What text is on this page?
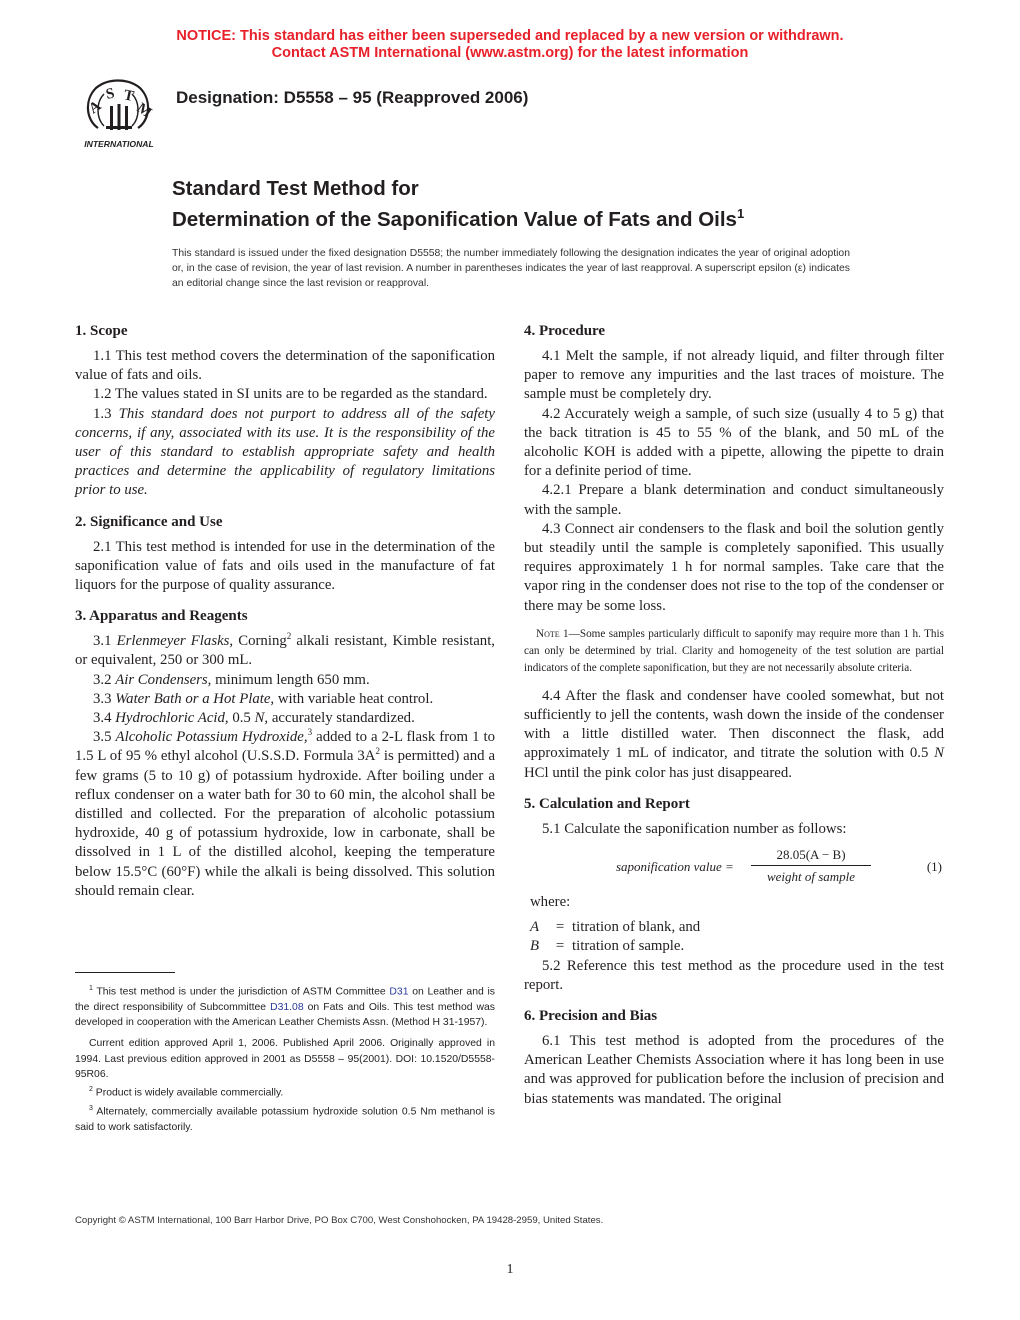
NOTICE: This standard has either been superseded and replaced by a new version or withdrawn.
Contact ASTM International (www.astm.org) for the latest information
A
S T
M
INTERNATIONAL
Designation: D5558 – 95 (Reapproved 2006)
Standard Test Method for
Determination of the Saponification Value of Fats and Oils$^1$
This standard is issued under the fixed designation D5558; the number immediately following the designation indicates the year of original adoption or, in the case of revision, the year of last revision. A number in parentheses indicates the year of last reapproval. A superscript epsilon (ε) indicates an editorial change since the last revision or reapproval.
1. Scope

1.1 This test method covers the determination of the saponification value of fats and oils.

1.2 The values stated in SI units are to be regarded as the standard.

1.3 This standard does not purport to address all of the safety concerns, if any, associated with its use. It is the responsibility of the user of this standard to establish appropriate safety and health practices and determine the applicability of regulatory limitations prior to use.

2. Significance and Use

2.1 This test method is intended for use in the determination of the saponification value of fats and oils used in the manufacture of fat liquors for the purpose of quality assurance.

3. Apparatus and Reagents

3.1 Erlenmeyer Flasks, Corning$^2$ alkali resistant, Kimble resistant, or equivalent, 250 or 300 mL.

3.2 Air Condensers, minimum length 650 mm.

3.3 Water Bath or a Hot Plate, with variable heat control.

3.4 Hydrochloric Acid, 0.5 N, accurately standardized.

3.5 Alcoholic Potassium Hydroxide,$^3$ added to a 2-L flask from 1 to 1.5 L of 95 % ethyl alcohol (U.S.S.D. Formula $3A^2$ is permitted) and a few grams (5 to 10 g) of potassium hydroxide. After boiling under a reflux condenser on a water bath for 30 to 60 min, the alcohol shall be distilled and collected. For the preparation of alcoholic potassium hydroxide, 40 g of potassium hydroxide, low in carbonate, shall be dissolved in 1 L of the distilled alcohol, keeping the temperature below 15.5°C (60°F) while the alkali is being dissolved. This solution should remain clear.

$^1$ This test method is under the jurisdiction of ASTM Committee D31 on Leather and is the direct responsibility of Subcommittee D31.08 on Fats and Oils. This test method was developed in cooperation with the American Leather Chemists Assn. (Method H 31-1957).

Current edition approved April 1, 2006. Published April 2006. Originally approved in 1994. Last previous edition approved in 2001 as D5558 – 95(2001). DOI: 10.1520/D5558-95R06.

$^2$ Product is widely available commercially.

$^3$ Alternately, commercially available potassium hydroxide solution 0.5 Nm methanol is said to work satisfactorily.

4. Procedure

4.1 Melt the sample, if not already liquid, and filter through filter paper to remove any impurities and the last traces of moisture. The sample must be completely dry.

4.2 Accurately weigh a sample, of such size (usually 4 to 5 g) that the back titration is 45 to 55 % of the blank, and 50 mL of the alcoholic KOH is added with a pipette, allowing the pipette to drain for a definite period of time.

4.2.1 Prepare a blank determination and conduct simultaneously with the sample.

4.3 Connect air condensers to the flask and boil the solution gently but steadily until the sample is completely saponified. This usually requires approximately 1 h for normal samples. Take care that the vapor ring in the condenser does not rise to the top of the condenser or there may be some loss.

Note 1—Some samples particularly difficult to saponify may require more than 1 h. This can only be determined by trial. Clarity and homogeneity of the test solution are partial indicators of the complete saponification, but they are not necessarily absolute criteria.

4.4 After the flask and condenser have cooled somewhat, but not sufficiently to jell the contents, wash down the inside of the condenser with a little distilled water. Then disconnect the flask, add approximately 1 mL of indicator, and titrate the solution with 0.5 N HCl until the pink color has just disappeared.

5. Calculation and Report

5.1 Calculate the saponification number as follows:

saponification value =
28.05(A − B)
weight of sample
(1)
where:
A	= titration of blank, and
B	= titration of sample.

5.2 Reference this test method as the procedure used in the test report.

6. Precision and Bias

6.1 This test method is adopted from the procedures of the American Leather Chemists Association where it has long been in use and was approved for publication before the inclusion of precision and bias statements was mandated. The original

Copyright © ASTM International, 100 Barr Harbor Drive, PO Box C700, West Conshohocken, PA 19428-2959, United States.
1
